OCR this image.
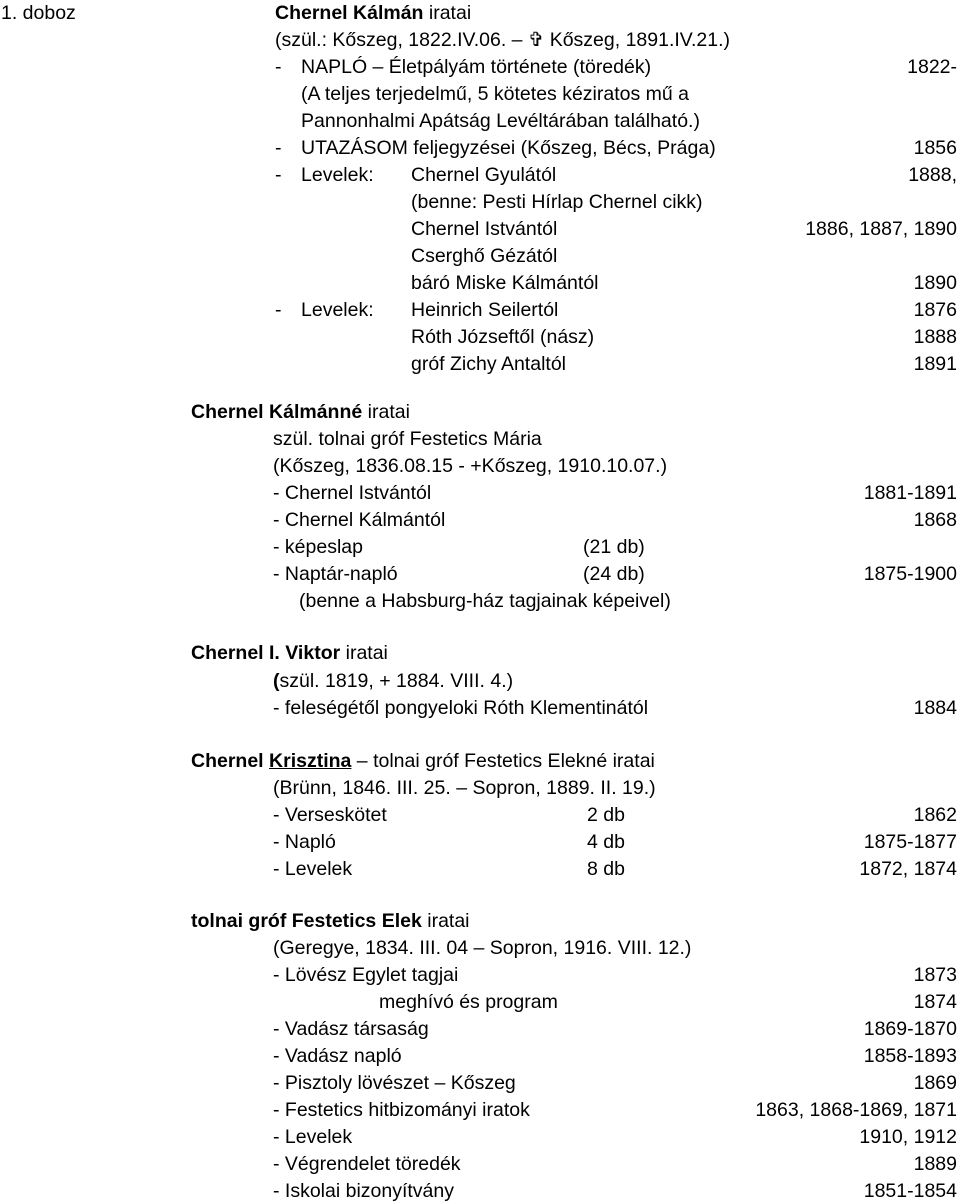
1. doboz	Chernel Kálmán iratai
(szül.: Kőszeg, 1822.IV.06. – ✞ Kőszeg, 1891.IV.21.)
- NAPLÓ – Életpályám története (töredék)	1822-
(A teljes terjedelmű, 5 kötetes kéziratos mű a
Pannonhalmi Apátság Levéltárában található.)
- UTAZÁSOM feljegyzései (Kőszeg, Bécs, Prága)	1856
- Levelek: Chernel Gyulától	1888,
(benne: Pesti Hírlap Chernel cikk)
Chernel Istvántól	1886, 1887, 1890
Cserghő Gézától
báró Miske Kálmántól	1890
- Levelek: Heinrich Seilertól	1876
Róth Józseftől (nász)	1888
gróf Zichy Antaltól	1891
Chernel Kálmánné iratai
szül. tolnai gróf Festetics Mária
(Kőszeg, 1836.08.15 - +Kőszeg, 1910.10.07.)
- Chernel Istvántól	1881-1891
- Chernel Kálmántól	1868
- képeslap	(21 db)
- Naptár-napló	(24 db)	1875-1900
(benne a Habsburg-ház tagjainak képeivel)
Chernel I. Viktor iratai
(szül. 1819, + 1884. VIII. 4.)
- feleségétől pongyeloki Róth Klementinától	1884
Chernel Krisztina – tolnai gróf Festetics Elekné iratai
(Brünn, 1846. III. 25. – Sopron, 1889. II. 19.)
- Verseskötet	2 db	1862
- Napló	4 db	1875-1877
- Levelek	8 db	1872, 1874
tolnai gróf Festetics Elek iratai
(Geregye, 1834. III. 04 – Sopron, 1916. VIII. 12.)
- Lövész Egylet tagjai	1873
meghívó és program	1874
- Vadász társaság	1869-1870
- Vadász napló	1858-1893
- Pisztoly lövészet – Kőszeg	1869
- Festetics hitbizományi iratok	1863, 1868-1869, 1871
- Levelek	1910, 1912
- Végrendelet töredék	1889
- Iskolai bizonyítvány	1851-1854
